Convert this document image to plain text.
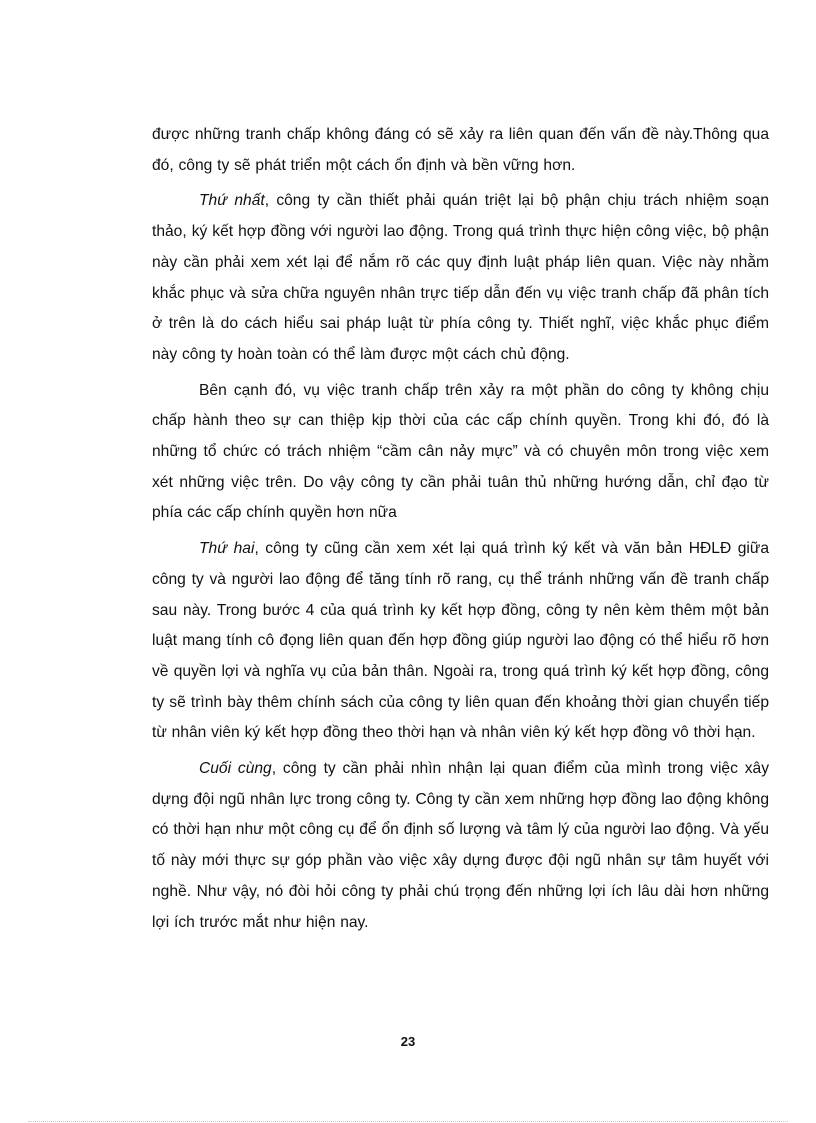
được những tranh chấp không đáng có sẽ xảy ra liên quan đến vấn đề này.Thông qua đó, công ty sẽ phát triển một cách ổn định và bền vững hơn.

Thứ nhất, công ty cần thiết phải quán triệt lại bộ phận chịu trách nhiệm soạn thảo, ký kết hợp đồng với người lao động. Trong quá trình thực hiện công việc, bộ phận này cần phải xem xét lại để nắm rõ các quy định luật pháp liên quan. Việc này nhằm khắc phục và sửa chữa nguyên nhân trực tiếp dẫn đến vụ việc tranh chấp đã phân tích ở trên là do cách hiểu sai pháp luật từ phía công ty. Thiết nghĩ, việc khắc phục điểm này công ty hoàn toàn có thể làm được một cách chủ động.

Bên cạnh đó, vụ việc tranh chấp trên xảy ra một phần do công ty không chịu chấp hành theo sự can thiệp kịp thời của các cấp chính quyền. Trong khi đó, đó là những tổ chức có trách nhiệm “cầm cân nảy mực” và có chuyên môn trong việc xem xét những việc trên. Do vậy công ty cần phải tuân thủ những hướng dẫn, chỉ đạo từ phía các cấp chính quyền hơn nữa

Thứ hai, công ty cũng cần xem xét lại quá trình ký kết và văn bản HĐLĐ giữa công ty và người lao động để tăng tính rõ rang, cụ thể tránh những vấn đề tranh chấp sau này. Trong bước 4 của quá trình ky kết hợp đồng, công ty nên kèm thêm một bản luật mang tính cô đọng liên quan đến hợp đồng giúp người lao động có thể hiểu rõ hơn về quyền lợi và nghĩa vụ của bản thân. Ngoài ra, trong quá trình ký kết hợp đồng, công ty sẽ trình bày thêm chính sách của công ty liên quan đến khoảng thời gian chuyển tiếp từ nhân viên ký kết hợp đồng theo thời hạn và nhân viên ký kết hợp đồng vô thời hạn.

Cuối cùng, công ty cần phải nhìn nhận lại quan điểm của mình trong việc xây dựng đội ngũ nhân lực trong công ty. Công ty cần xem những hợp đồng lao động không có thời hạn như một công cụ để ổn định số lượng và tâm lý của người lao động. Và yếu tố này mới thực sự góp phần vào việc xây dựng được đội ngũ nhân sự tâm huyết với nghề. Như vậy, nó đòi hỏi công ty phải chú trọng đến những lợi ích lâu dài hơn những lợi ích trước mắt như hiện nay.

23
